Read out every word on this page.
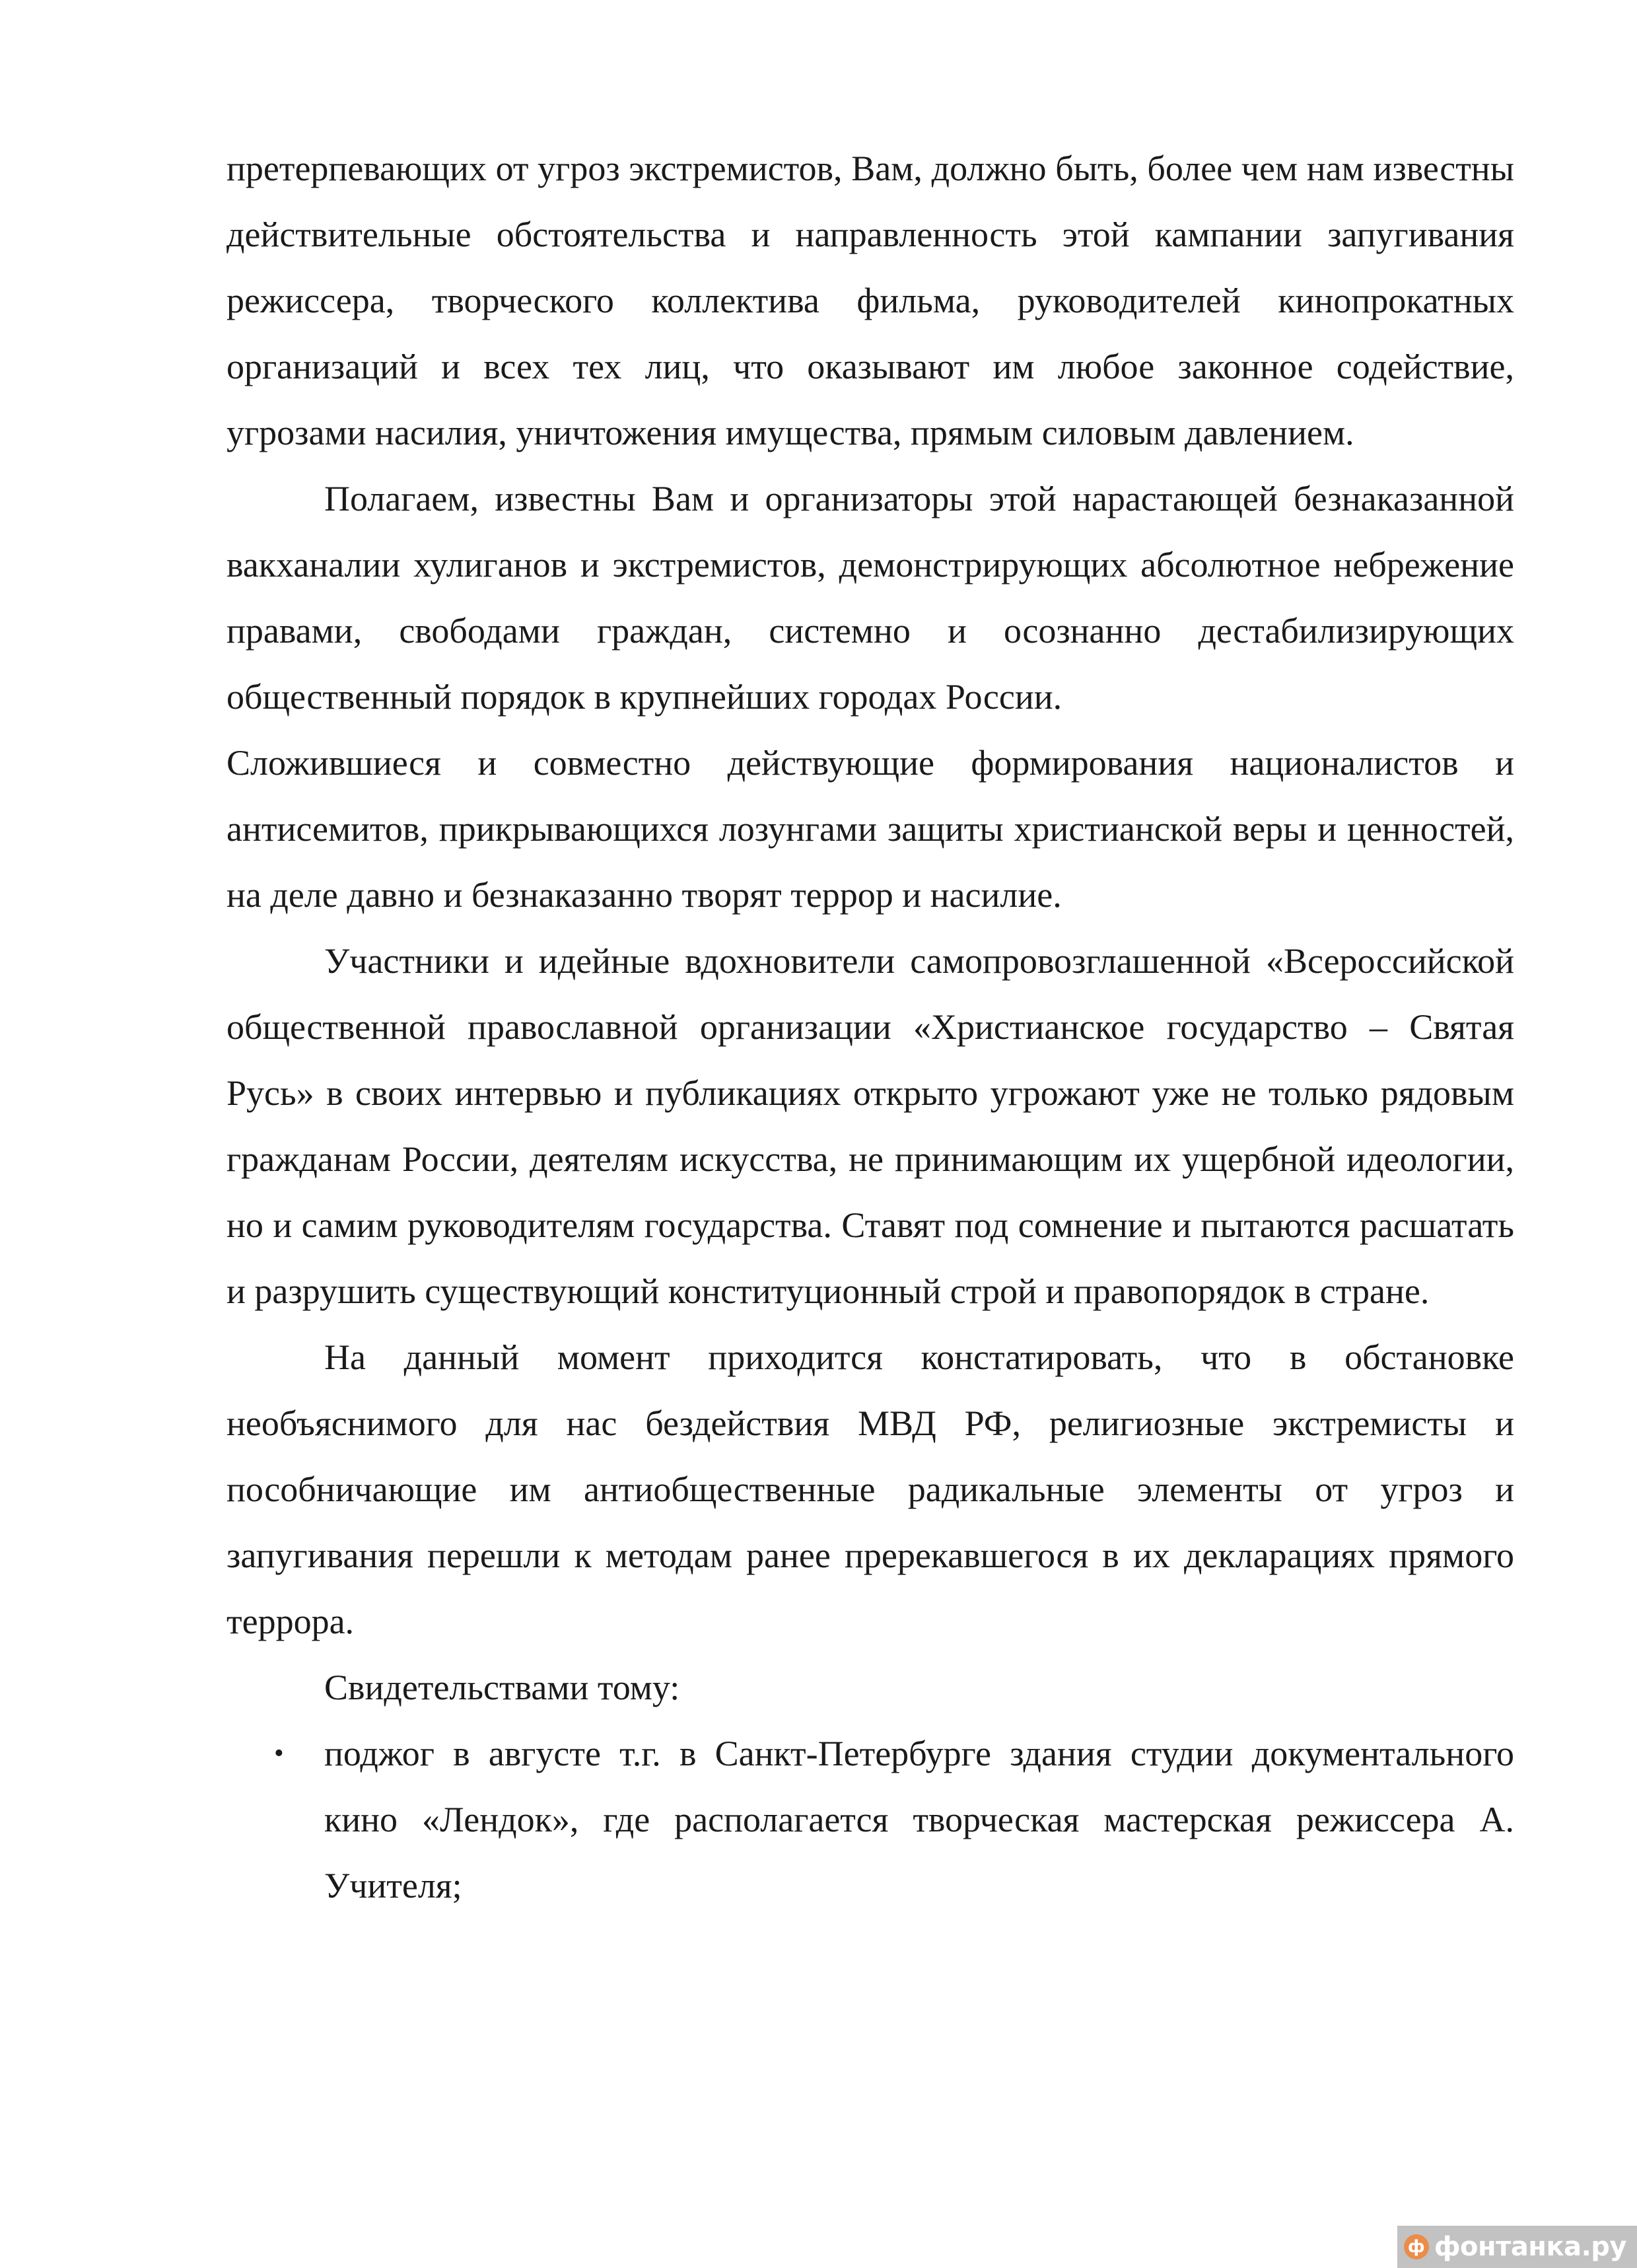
претерпевающих от угроз экстремистов, Вам, должно быть, более чем нам известны действительные обстоятельства и направленность этой кампании запугивания режиссера, творческого коллектива фильма, руководителей кинопрокатных организаций и всех тех лиц, что оказывают им любое законное содействие, угрозами насилия, уничтожения имущества, прямым силовым давлением.

Полагаем, известны Вам и организаторы этой нарастающей безнаказанной вакханалии хулиганов и экстремистов, демонстрирующих абсолютное небрежение правами, свободами граждан, системно и осознанно дестабилизирующих общественный порядок в крупнейших городах России.

Сложившиеся и совместно действующие формирования националистов и антисемитов, прикрывающихся лозунгами защиты христианской веры и ценностей, на деле давно и безнаказанно творят террор и насилие.

Участники и идейные вдохновители самопровозглашенной «Всероссийской общественной православной организации «Христианское государство – Святая Русь» в своих интервью и публикациях открыто угрожают уже не только рядовым гражданам России, деятелям искусства, не принимающим их ущербной идеологии, но и самим руководителям государства. Ставят под сомнение и пытаются расшатать и разрушить существующий конституционный строй и правопорядок в стране.

На данный момент приходится констатировать, что в обстановке необъяснимого для нас бездействия МВД РФ, религиозные экстремисты и пособничающие им антиобщественные радикальные элементы от угроз и запугивания перешли к методам ранее пререкавшегося в их декларациях прямого террора.

Свидетельствами тому:

• поджог в августе т.г. в Санкт-Петербурге здания студии документального кино «Лендок», где располагается творческая мастерская режиссера А. Учителя;
ф фонтанка.ру
